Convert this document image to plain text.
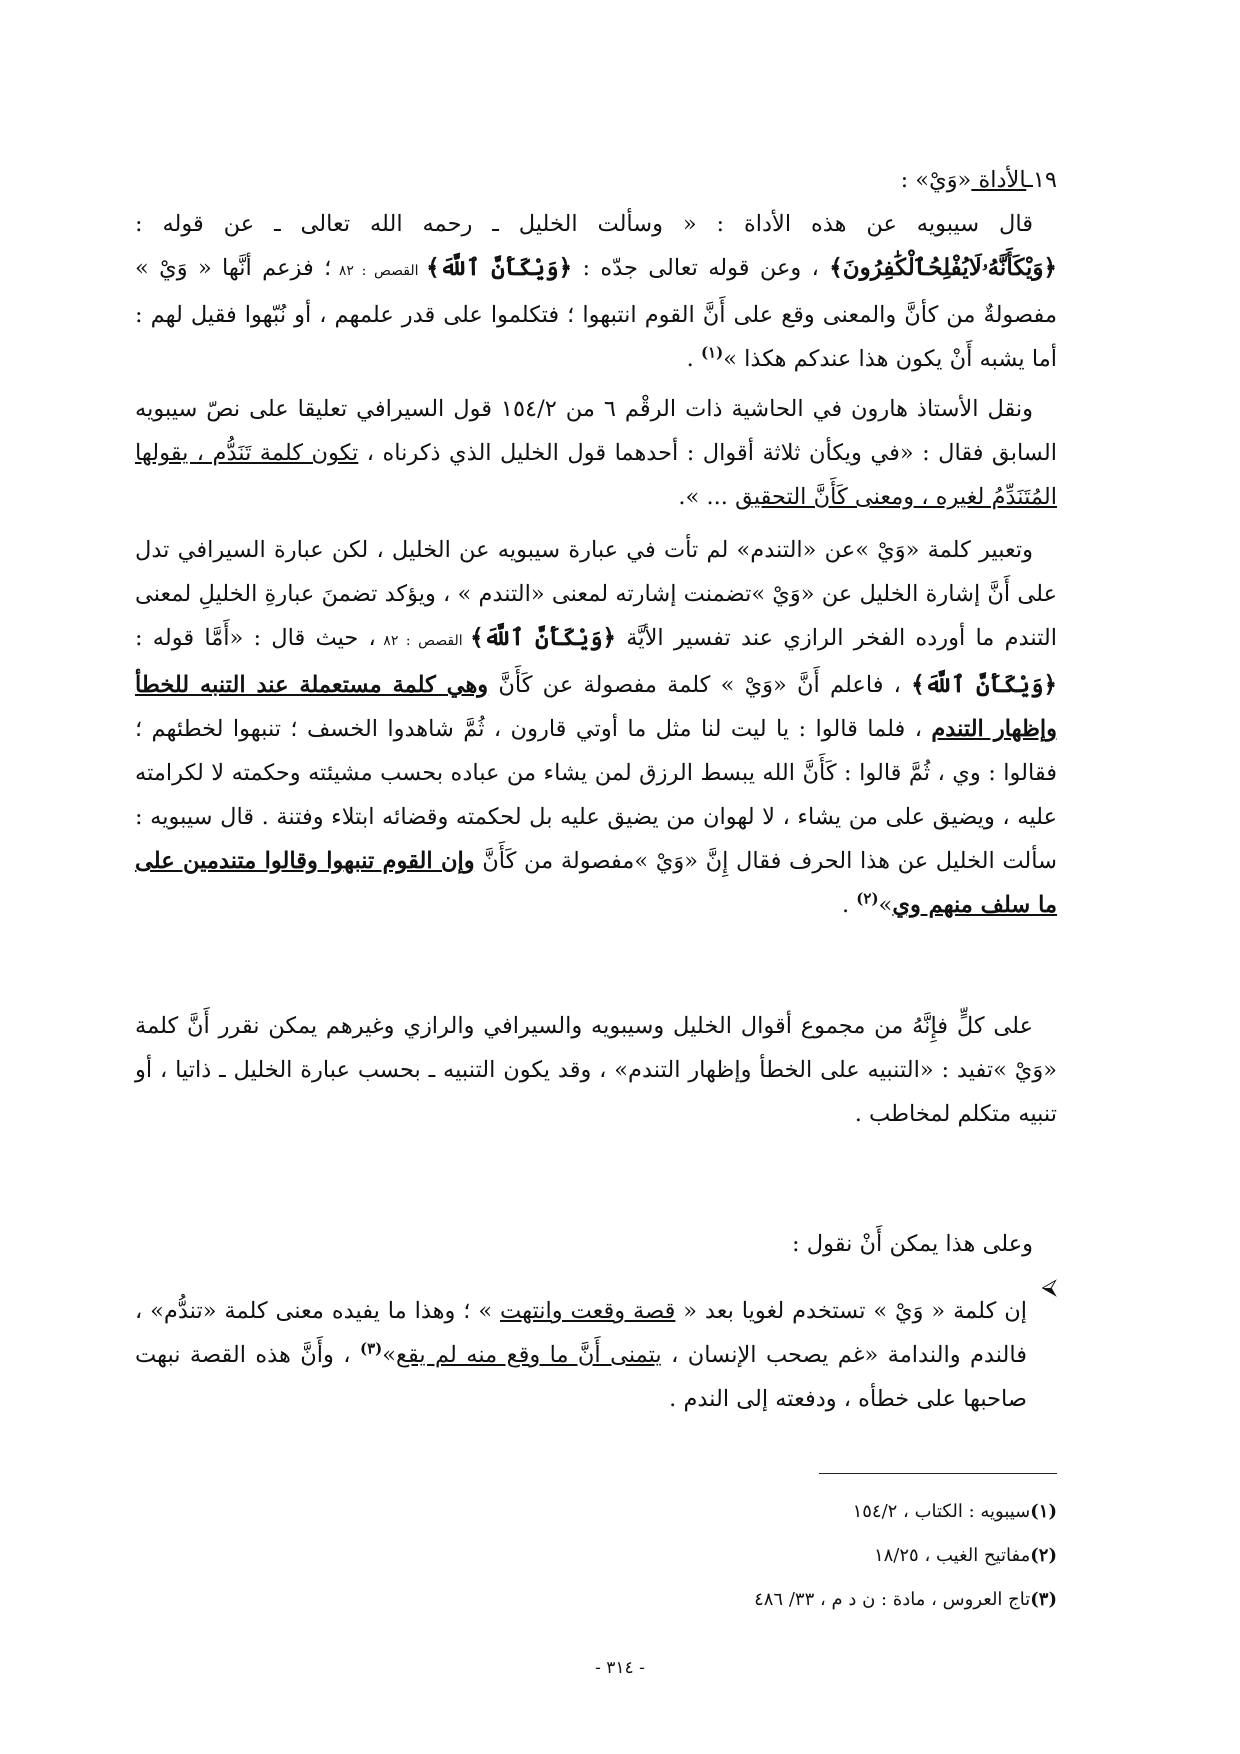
١٩ـالأداة «وَيْ» :

قال سيبويه عن هذه الأداة : « وسألت الخليل ـ رحمه الله تعالى ـ عن قوله : ﴿وَيْكَأَنَّهُۥلَايُفْلِحُٱلْكَٰفِرُونَ﴾ ، وعن قوله تعالى جدّه : ﴿وَيْكَأَنَّ ٱللَّهَ﴾ القصص : ٨٢ ؛ فزعم أنَّها « وَيْ » مفصولةٌ من كأنَّ والمعنى وقع على أَنَّ القوم انتبهوا ؛ فتكلموا على قدر علمهم ، أو نُبّهوا فقيل لهم : أما يشبه أَنْ يكون هذا عندكم هكذا »$^{(١)}$ .

ونقل الأستاذ هارون في الحاشية ذات الرقْم ٦ من ١٥٤/٢ قول السيرافي تعليقا على نصّ سيبويه السابق فقال : «في ويكأن ثلاثة أقوال : أحدهما قول الخليل الذي ذكرناه ، تكون كلمة تَنَدُّم ، يقولها المُتَنَدِّمُ لغيره ، ومعنى كَأَنَّ التحقيق ... ».

وتعبير كلمة «وَيْ »عن «التندم» لم تأت في عبارة سيبويه عن الخليل ، لكن عبارة السيرافي تدل على أَنَّ إشارة الخليل عن «وَيْ »تضمنت إشارته لمعنى «التندم » ، ويؤكد تضمنَ عبارةِ الخليلِ لمعنى التندم ما أورده الفخر الرازي عند تفسير الأيَّة ﴿وَيْكَأَنَّ ٱللَّهَ﴾ القصص : ٨٢ ، حيث قال : «أَمَّا قوله : ﴿وَيْكَأَنَّ ٱللَّهَ﴾ ، فاعلم أَنَّ «وَيْ » كلمة مفصولة عن كَأَنَّ وهي كلمة مستعملة عند التنبه للخطأ وإظهار التندم ، فلما قالوا : يا ليت لنا مثل ما أوتي قارون ، ثُمَّ شاهدوا الخسف ؛ تنبهوا لخطئهم ؛ فقالوا : وي ، ثُمَّ قالوا : كَأَنَّ الله يبسط الرزق لمن يشاء من عباده بحسب مشيئته وحكمته لا لكرامته عليه ، ويضيق على من يشاء ، لا لهوان من يضيق عليه بل لحكمته وقضائه ابتلاء وفتنة . قال سيبويه : سألت الخليل عن هذا الحرف فقال إِنَّ «وَيْ »مفصولة من كَأَنَّ وإن القوم تنبهوا وقالوا متندمين على ما سلف منهم وي»$^{(٢)}$ .

على كلٍّ فإِنَّهُ من مجموع أقوال الخليل وسيبويه والسيرافي والرازي وغيرهم يمكن نقرر أَنَّ كلمة «وَيْ »تفيد : «التنبيه على الخطأ وإظهار التندم» ، وقد يكون التنبيه ـ بحسب عبارة الخليل ـ ذاتيا ، أو تنبيه متكلم لمخاطب .

وعلى هذا يمكن أَنْ نقول :

⮘

إن كلمة « وَيْ » تستخدم لغويا بعد « قصة وقعت وانتهت » ؛ وهذا ما يفيده معنى كلمة «تندُّم» ، فالندم والندامة «غم يصحب الإنسان ، يتمنى أَنَّ ما وقع منه لم يقع»$^{(٣)}$ ، وأَنَّ هذه القصة نبهت صاحبها على خطأه ، ودفعته إلى الندم .

(١)سيبويه : الكتاب ، ١٥٤/٢
(٢)مفاتيح الغيب ، ١٨/٢٥
(٣)تاج العروس ، مادة : ن د م ، ٣٣/ ٤٨٦
- ٣١٤ -
